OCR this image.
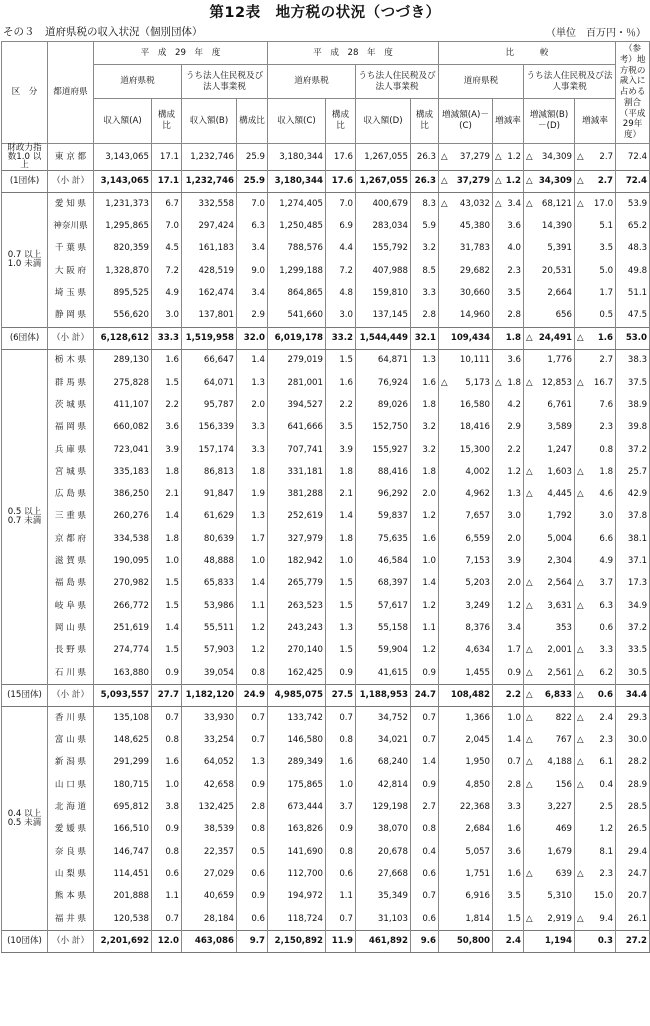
第12表　地方税の状況（つづき）
その３　道府県税の収入状況（個別団体）	（単位　百万円・％）
区　分	都道府県	平　成　29　年　度				平　成　28　年　度				比　　　較				（参考）地方税の歳入に占める割合（平成29年度）
		道府県税		うち法人住民税及び法人事業税		道府県税		うち法人住民税及び法人事業税		道府県税		うち法人住民税及び法人事業税		
		収入額(A)	構成比	収入額(B)	構成比	収入額(C)	構成比	収入額(D)	構成比	増減額(A)－(C)	増減率	増減額(B)－(D)	増減率	
財政力指数1.0 以上	東 京 都	3,143,065	17.1	1,232,746	25.9	3,180,344	17.6	1,267,055	26.3	△ 37,279	△ 1.2	△ 34,309	△ 2.7	72.4
(1団体)	（小 計）	3,143,065	17.1	1,232,746	25.9	3,180,344	17.6	1,267,055	26.3	△ 37,279	△ 1.2	△ 34,309	△ 2.7	72.4
0.7 以上1.0 未満	愛 知 県	1,231,373	6.7	332,558	7.0	1,274,405	7.0	400,679	8.3	△ 43,032	△ 3.4	△ 68,121	△ 17.0	53.9
	神奈川県	1,295,865	7.0	297,424	6.3	1,250,485	6.9	283,034	5.9	45,380	3.6	14,390	5.1	65.2
	千 葉 県	820,359	4.5	161,183	3.4	788,576	4.4	155,792	3.2	31,783	4.0	5,391	3.5	48.3
	大 阪 府	1,328,870	7.2	428,519	9.0	1,299,188	7.2	407,988	8.5	29,682	2.3	20,531	5.0	49.8
	埼 玉 県	895,525	4.9	162,474	3.4	864,865	4.8	159,810	3.3	30,660	3.5	2,664	1.7	51.1
	静 岡 県	556,620	3.0	137,801	2.9	541,660	3.0	137,145	2.8	14,960	2.8	656	0.5	47.5
(6団体)	（小 計）	6,128,612	33.3	1,519,958	32.0	6,019,178	33.2	1,544,449	32.1	109,434	1.8	△ 24,491	△ 1.6	53.0
0.5 以上0.7 未満	栃 木 県	289,130	1.6	66,647	1.4	279,019	1.5	64,871	1.3	10,111	3.6	1,776	2.7	38.3
	群 馬 県	275,828	1.5	64,071	1.3	281,001	1.6	76,924	1.6	△ 5,173	△ 1.8	△ 12,853	△ 16.7	37.5
	茨 城 県	411,107	2.2	95,787	2.0	394,527	2.2	89,026	1.8	16,580	4.2	6,761	7.6	38.9
	福 岡 県	660,082	3.6	156,339	3.3	641,666	3.5	152,750	3.2	18,416	2.9	3,589	2.3	39.8
	兵 庫 県	723,041	3.9	157,174	3.3	707,741	3.9	155,927	3.2	15,300	2.2	1,247	0.8	37.2
	宮 城 県	335,183	1.8	86,813	1.8	331,181	1.8	88,416	1.8	4,002	1.2	△ 1,603	△ 1.8	25.7
	広 島 県	386,250	2.1	91,847	1.9	381,288	2.1	96,292	2.0	4,962	1.3	△ 4,445	△ 4.6	42.9
	三 重 県	260,276	1.4	61,629	1.3	252,619	1.4	59,837	1.2	7,657	3.0	1,792	3.0	37.8
	京 都 府	334,538	1.8	80,639	1.7	327,979	1.8	75,635	1.6	6,559	2.0	5,004	6.6	38.1
	滋 賀 県	190,095	1.0	48,888	1.0	182,942	1.0	46,584	1.0	7,153	3.9	2,304	4.9	37.1
	福 島 県	270,982	1.5	65,833	1.4	265,779	1.5	68,397	1.4	5,203	2.0	△ 2,564	△ 3.7	17.3
	岐 阜 県	266,772	1.5	53,986	1.1	263,523	1.5	57,617	1.2	3,249	1.2	△ 3,631	△ 6.3	34.9
	岡 山 県	251,619	1.4	55,511	1.2	243,243	1.3	55,158	1.1	8,376	3.4	353	0.6	37.2
	長 野 県	274,774	1.5	57,903	1.2	270,140	1.5	59,904	1.2	4,634	1.7	△ 2,001	△ 3.3	33.5
	石 川 県	163,880	0.9	39,054	0.8	162,425	0.9	41,615	0.9	1,455	0.9	△ 2,561	△ 6.2	30.5
(15団体)	（小 計）	5,093,557	27.7	1,182,120	24.9	4,985,075	27.5	1,188,953	24.7	108,482	2.2	△ 6,833	△ 0.6	34.4
0.4 以上0.5 未満	香 川 県	135,108	0.7	33,930	0.7	133,742	0.7	34,752	0.7	1,366	1.0	△ 822	△ 2.4	29.3
	富 山 県	148,625	0.8	33,254	0.7	146,580	0.8	34,021	0.7	2,045	1.4	△ 767	△ 2.3	30.0
	新 潟 県	291,299	1.6	64,052	1.3	289,349	1.6	68,240	1.4	1,950	0.7	△ 4,188	△ 6.1	28.2
	山 口 県	180,715	1.0	42,658	0.9	175,865	1.0	42,814	0.9	4,850	2.8	△ 156	△ 0.4	28.9
	北 海 道	695,812	3.8	132,425	2.8	673,444	3.7	129,198	2.7	22,368	3.3	3,227	2.5	28.5
	愛 媛 県	166,510	0.9	38,539	0.8	163,826	0.9	38,070	0.8	2,684	1.6	469	1.2	26.5
	奈 良 県	146,747	0.8	22,357	0.5	141,690	0.8	20,678	0.4	5,057	3.6	1,679	8.1	29.4
	山 梨 県	114,451	0.6	27,029	0.6	112,700	0.6	27,668	0.6	1,751	1.6	△ 639	△ 2.3	24.7
	熊 本 県	201,888	1.1	40,659	0.9	194,972	1.1	35,349	0.7	6,916	3.5	5,310	15.0	20.7
	福 井 県	120,538	0.7	28,184	0.6	118,724	0.7	31,103	0.6	1,814	1.5	△ 2,919	△ 9.4	26.1
(10団体)	（小 計）	2,201,692	12.0	463,086	9.7	2,150,892	11.9	461,892	9.6	50,800	2.4	1,194	0.3	27.2
